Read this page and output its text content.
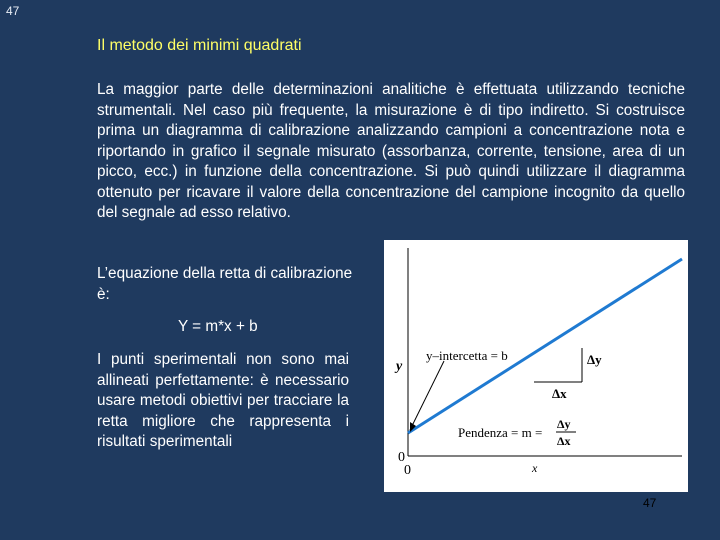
47
Il metodo dei minimi quadrati

La maggior parte delle determinazioni analitiche è effettuata utilizzando tecniche strumentali. Nel caso più frequente, la misurazione è di tipo indiretto. Si costruisce prima un diagramma di calibrazione analizzando campioni a concentrazione nota e riportando in grafico il segnale misurato (assorbanza, corrente, tensione, area di un picco, ecc.) in funzione della concentrazione. Si può quindi utilizzare il diagramma ottenuto per ricavare il valore della concentrazione del campione incognito da quello del segnale ad esso relativo.

L’equazione della retta di calibrazione è:

Y = m*x + b

I punti sperimentali non sono mai allineati perfettamente: è necessario usare metodi obiettivi per tracciare la retta migliore che rappresenta i risultati sperimentali

y
y–intercetta = b	Δy
Δx
Pendenza = m =
Δy
Δx
0
0	x
47
